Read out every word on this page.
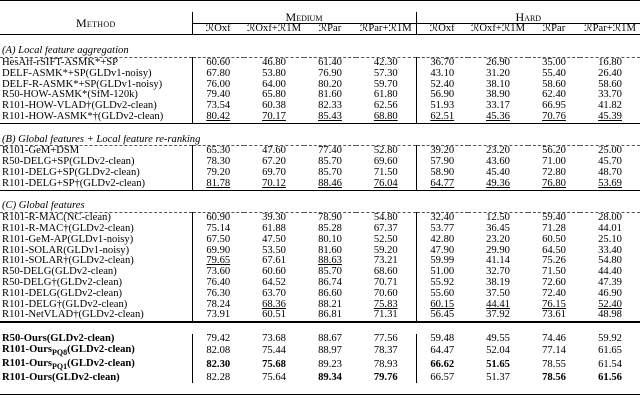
Method	Medium				Hard			
	ℛOxf	ℛOxf+ℛ1M	ℛPar	ℛPar+ℛ1M	ℛOxf	ℛOxf+ℛ1M	ℛPar	ℛPar+ℛ1M

(A) Local feature aggregation								
HesAff-rSIFT-ASMK*+SP	60.60	46.80	61.40	42.30	36.70	26.90	35.00	16.80
DELF-ASMK*+SP(GLDv1-noisy)	67.80	53.80	76.90	57.30	43.10	31.20	55.40	26.40
DELF-R-ASMK*+SP(GLDv1-noisy)	76.00	64.00	80.20	59.70	52.40	38.10	58.60	58.60
R50-HOW-ASMK*(SfM-120k)	79.40	65.80	81.60	61.80	56.90	38.90	62.40	33.70
R101-HOW-VLAD†(GLDv2-clean)	73.54	60.38	82.33	62.56	51.93	33.17	66.95	41.82
R101-HOW-ASMK*†(GLDv2-clean)	80.42	70.17	85.43	68.80	62.51	45.36	70.76	45.39

(B) Global features + Local feature re-ranking								
R101-GeM+DSM	65.30	47.60	77.40	52.80	39.20	23.20	56.20	25.00
R50-DELG+SP(GLDv2-clean)	78.30	67.20	85.70	69.60	57.90	43.60	71.00	45.70
R101-DELG+SP(GLDv2-clean)	79.20	69.70	85.70	71.50	58.90	45.40	72.80	48.70
R101-DELG+SP†(GLDv2-clean)	81.78	70.12	88.46	76.04	64.77	49.36	76.80	53.69

(C) Global features								
R101-R-MAC(NC-clean)	60.90	39.30	78.90	54.80	32.40	12.50	59.40	28.00
R101-R-MAC†(GLDv2-clean)	75.14	61.88	85.28	67.37	53.77	36.45	71.28	44.01
R101-GeM-AP(GLDv1-noisy)	67.50	47.50	80.10	52.50	42.80	23.20	60.50	25.10
R101-SOLAR(GLDv1-noisy)	69.90	53.50	81.60	59.20	47.90	29.90	64.50	33.40
R101-SOLAR†(GLDv2-clean)	79.65	67.61	88.63	73.21	59.99	41.14	75.26	54.80
R50-DELG(GLDv2-clean)	73.60	60.60	85.70	68.60	51.00	32.70	71.50	44.40
R50-DELG†(GLDv2-clean)	76.40	64.52	86.74	70.71	55.92	38.19	72.60	47.39
R101-DELG(GLDv2-clean)	76.30	63.70	86.60	70.60	55.60	37.50	72.40	46.90
R101-DELG†(GLDv2-clean)	78.24	68.36	88.21	75.83	60.15	44.41	76.15	52.40
R101-NetVLAD†(GLDv2-clean)	73.91	60.51	86.81	71.31	56.45	37.92	73.61	48.98

R50-Ours(GLDv2-clean)	79.42	73.68	88.67	77.56	59.48	49.55	74.46	59.92
R101-Ours$_{PQ8}$(GLDv2-clean)	82.08	75.44	88.97	78.37	64.47	52.04	77.14	61.65
R101-Ours$_{PQ1}$(GLDv2-clean)	82.30	75.68	89.23	78.93	66.62	51.65	78.55	61.54
R101-Ours(GLDv2-clean)	82.28	75.64	89.34	79.76	66.57	51.37	78.56	61.56
